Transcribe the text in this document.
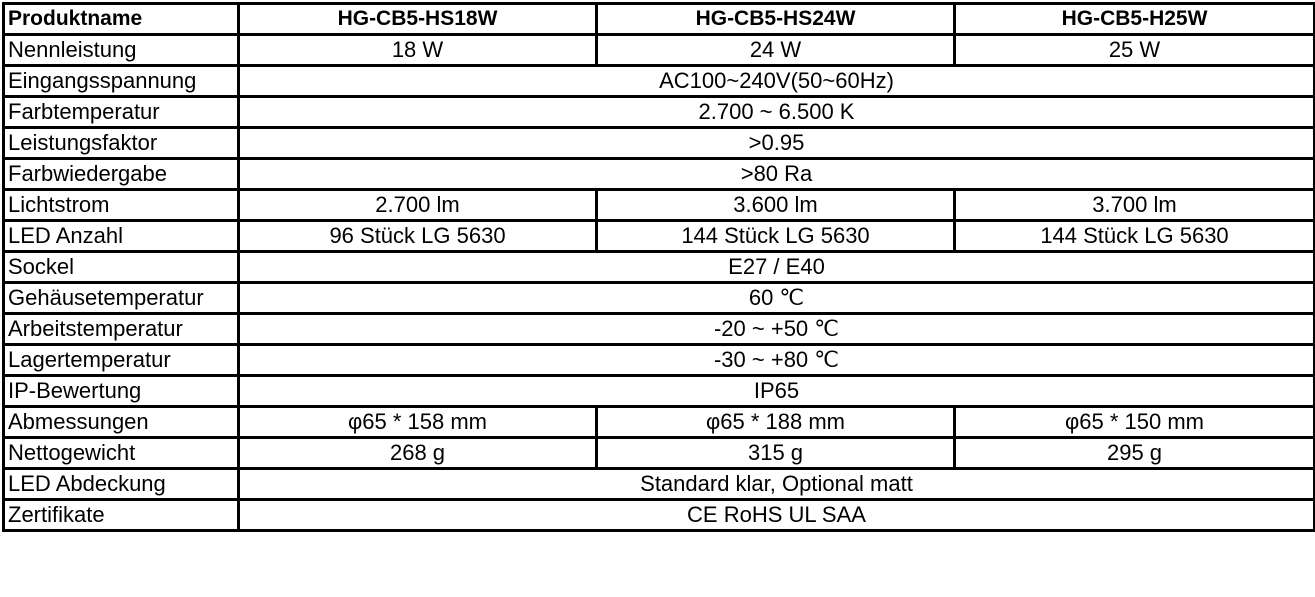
Produktname	HG-CB5-HS18W	HG-CB5-HS24W	HG-CB5-H25W
Nennleistung	18 W	24 W	25 W
Eingangsspannung	AC100~240V(50~60Hz)		
Farbtemperatur	2.700 ~ 6.500 K		
Leistungsfaktor	>0.95		
Farbwiedergabe	>80 Ra		
Lichtstrom	2.700 lm	3.600 lm	3.700 lm
LED Anzahl	96 Stück LG 5630	144 Stück LG 5630	144 Stück LG 5630
Sockel	E27 / E40		
Gehäusetemperatur	60 ℃		
Arbeitstemperatur	-20 ~ +50 ℃		
Lagertemperatur	-30 ~ +80 ℃		
IP-Bewertung	IP65		
Abmessungen	φ65 * 158 mm	φ65 * 188 mm	φ65 * 150 mm
Nettogewicht	268 g	315 g	295 g
LED Abdeckung	Standard klar, Optional matt		
Zertifikate	CE RoHS UL SAA		
